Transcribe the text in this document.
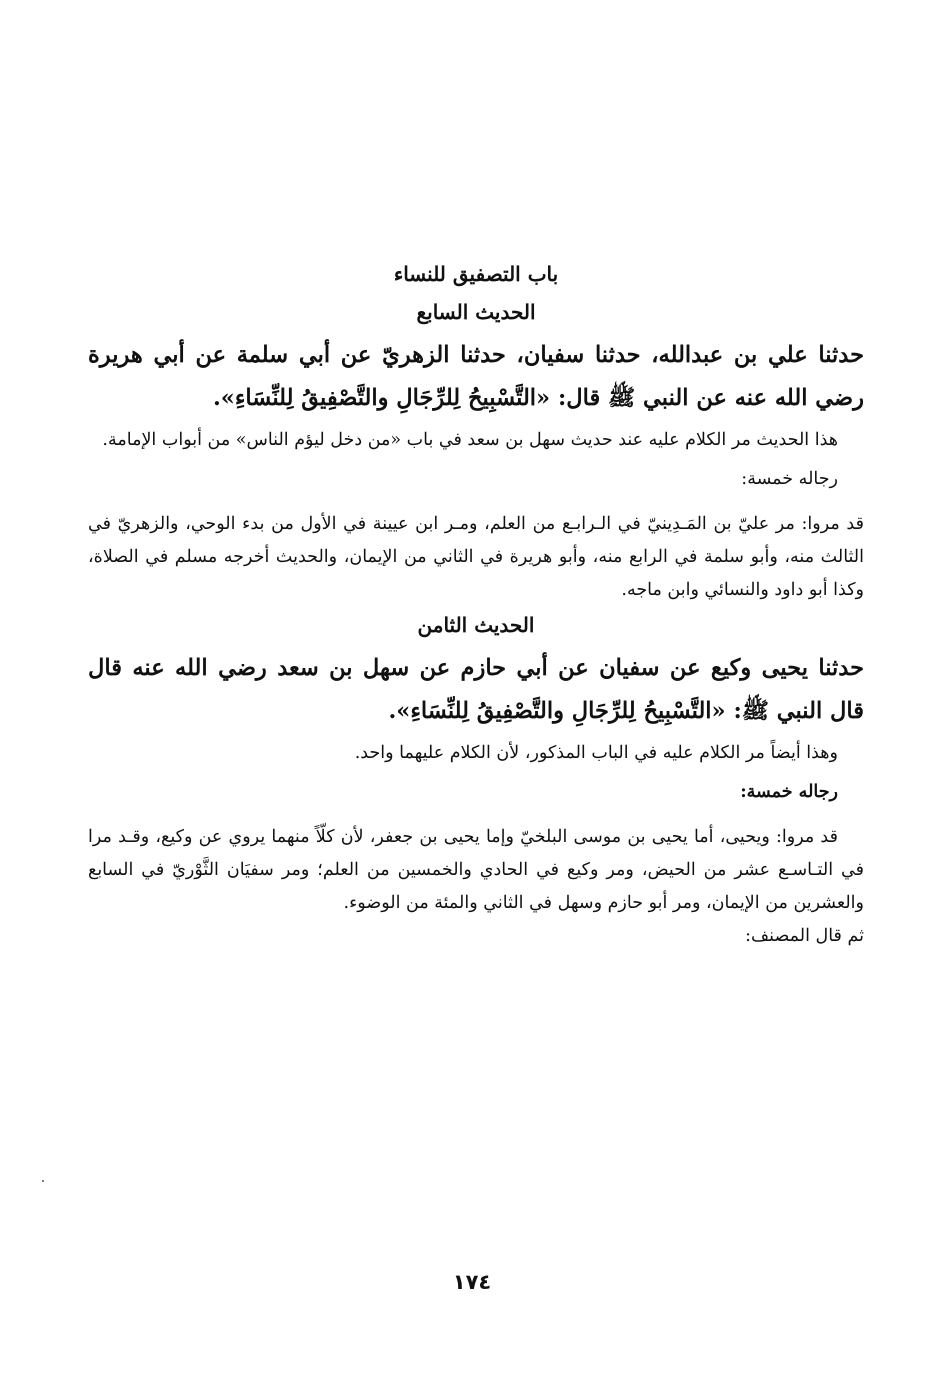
باب التصفيق للنساء

الحديث السابع

حدثنا علي بن عبدالله، حدثنا سفيان، حدثنا الزهريّ عن أبي سلمة عن أبي هريرة رضي الله عنه عن النبي ﷺ قال: «التَّسْبِيحُ لِلرِّجَالِ والتَّصْفِيقُ لِلنِّسَاءِ».

هذا الحديث مر الكلام عليه عند حديث سهل بن سعد في باب «من دخل ليؤم الناس» من أبواب الإمامة.

رجاله خمسة:

قد مروا: مر عليّ بن المَـدِينيّ في الـرابـع من العلم، ومـر ابن عيينة في الأول من بدء الوحي، والزهريّ في الثالث منه، وأبو سلمة في الرابع منه، وأبو هريرة في الثاني من الإيمان، والحديث أخرجه مسلم في الصلاة، وكذا أبو داود والنسائي وابن ماجه.

الحديث الثامن

حدثنا يحيى وكيع عن سفيان عن أبي حازم عن سهل بن سعد رضي الله عنه قال قال النبي ﷺ: «التَّسْبِيحُ لِلرِّجَالِ والتَّصْفِيقُ لِلنِّسَاءِ».

وهذا أيضاً مر الكلام عليه في الباب المذكور، لأن الكلام عليهما واحد.

رجاله خمسة:

قد مروا: ويحيى، أما يحيى بن موسى البلخيّ وإما يحيى بن جعفر، لأن كلّاً منهما يروي عن وكيع، وقـد مرا في التـاسـع عشر من الحيض، ومر وكيع في الحادي والخمسين من العلم؛ ومر سفيَان الثَّوْريّ في السابع والعشرين من الإيمان، ومر أبو حازم وسهل في الثاني والمئة من الوضوء.

ثم قال المصنف:

١٧٤
